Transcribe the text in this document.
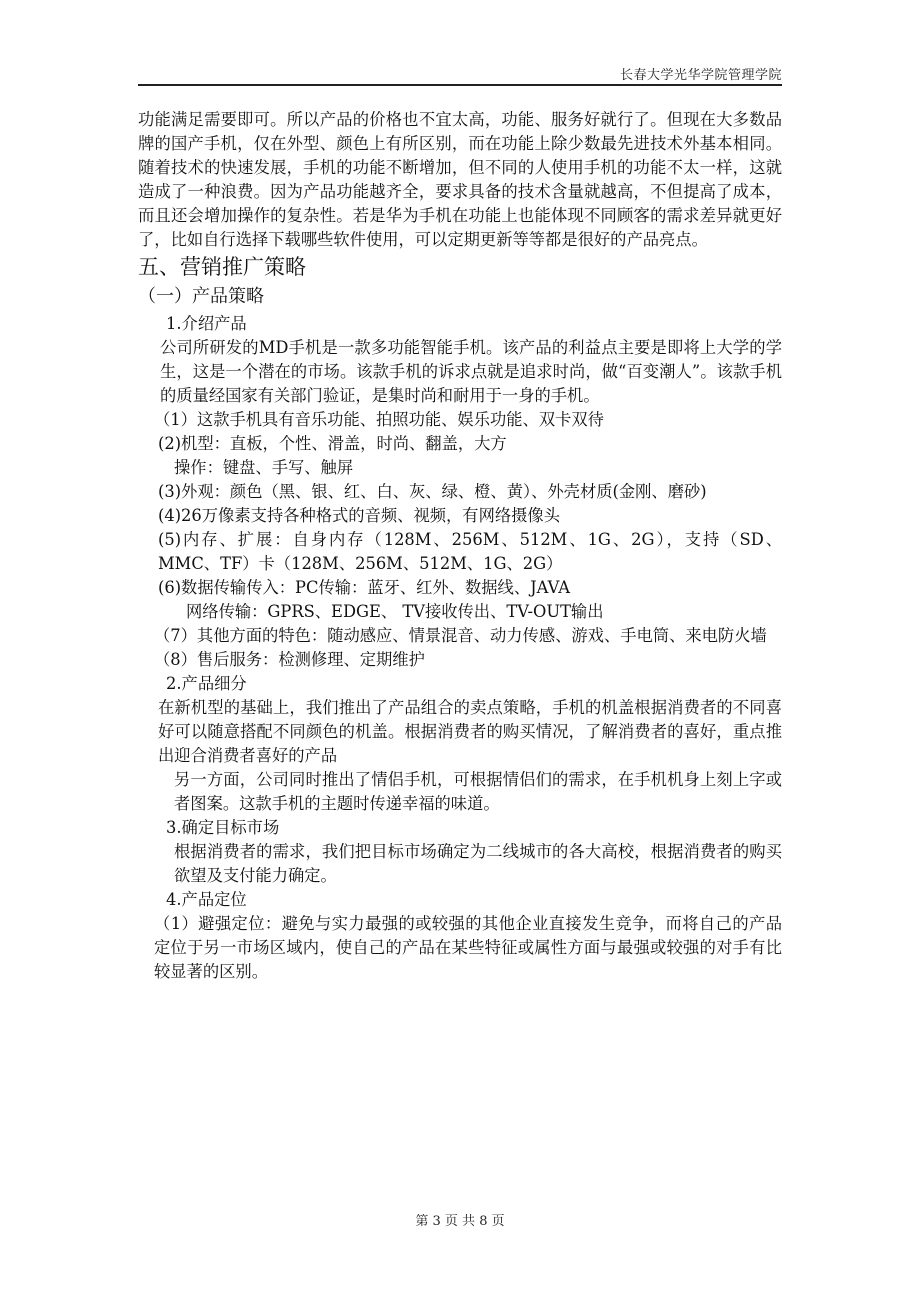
长春大学光华学院管理学院

功能满足需要即可。所以产品的价格也不宜太高，功能、服务好就行了。但现在大多数品牌的国产手机，仅在外型、颜色上有所区别，而在功能上除少数最先进技术外基本相同。随着技术的快速发展，手机的功能不断增加，但不同的人使用手机的功能不太一样，这就造成了一种浪费。因为产品功能越齐全，要求具备的技术含量就越高，不但提高了成本，而且还会增加操作的复杂性。若是华为手机在功能上也能体现不同顾客的需求差异就更好了，比如自行选择下载哪些软件使用，可以定期更新等等都是很好的产品亮点。

五、营销推广策略

（一）产品策略

1.介绍产品

公司所研发的MD手机是一款多功能智能手机。该产品的利益点主要是即将上大学的学生，这是一个潜在的市场。该款手机的诉求点就是追求时尚，做“百变潮人”。该款手机的质量经国家有关部门验证，是集时尚和耐用于一身的手机。

（1）这款手机具有音乐功能、拍照功能、娱乐功能、双卡双待

(2)机型：直板，个性、滑盖，时尚、翻盖，大方

操作：键盘、手写、触屏

(3)外观：颜色（黑、银、红、白、灰、绿、橙、黄）、外壳材质(金刚、磨砂)

(4)26万像素支持各种格式的音频、视频，有网络摄像头

(5)内存、扩展：自身内存（128M、256M、512M、1G、2G），支持（SD、MMC、TF）卡（128M、256M、512M、1G、2G）

(6)数据传输传入：PC传输：蓝牙、红外、数据线、JAVA

网络传输：GPRS、EDGE、 TV接收传出、TV-OUT输出

（7）其他方面的特色：随动感应、情景混音、动力传感、游戏、手电筒、来电防火墙

（8）售后服务：检测修理、定期维护

2.产品细分

在新机型的基础上，我们推出了产品组合的卖点策略，手机的机盖根据消费者的不同喜好可以随意搭配不同颜色的机盖。根据消费者的购买情况，了解消费者的喜好，重点推出迎合消费者喜好的产品

另一方面，公司同时推出了情侣手机，可根据情侣们的需求，在手机机身上刻上字或者图案。这款手机的主题时传递幸福的味道。

3.确定目标市场

根据消费者的需求，我们把目标市场确定为二线城市的各大高校，根据消费者的购买欲望及支付能力确定。

4.产品定位

（1）避强定位：避免与实力最强的或较强的其他企业直接发生竞争，而将自己的产品定位于另一市场区域内，使自己的产品在某些特征或属性方面与最强或较强的对手有比较显著的区别。

第 3 页 共 8 页
